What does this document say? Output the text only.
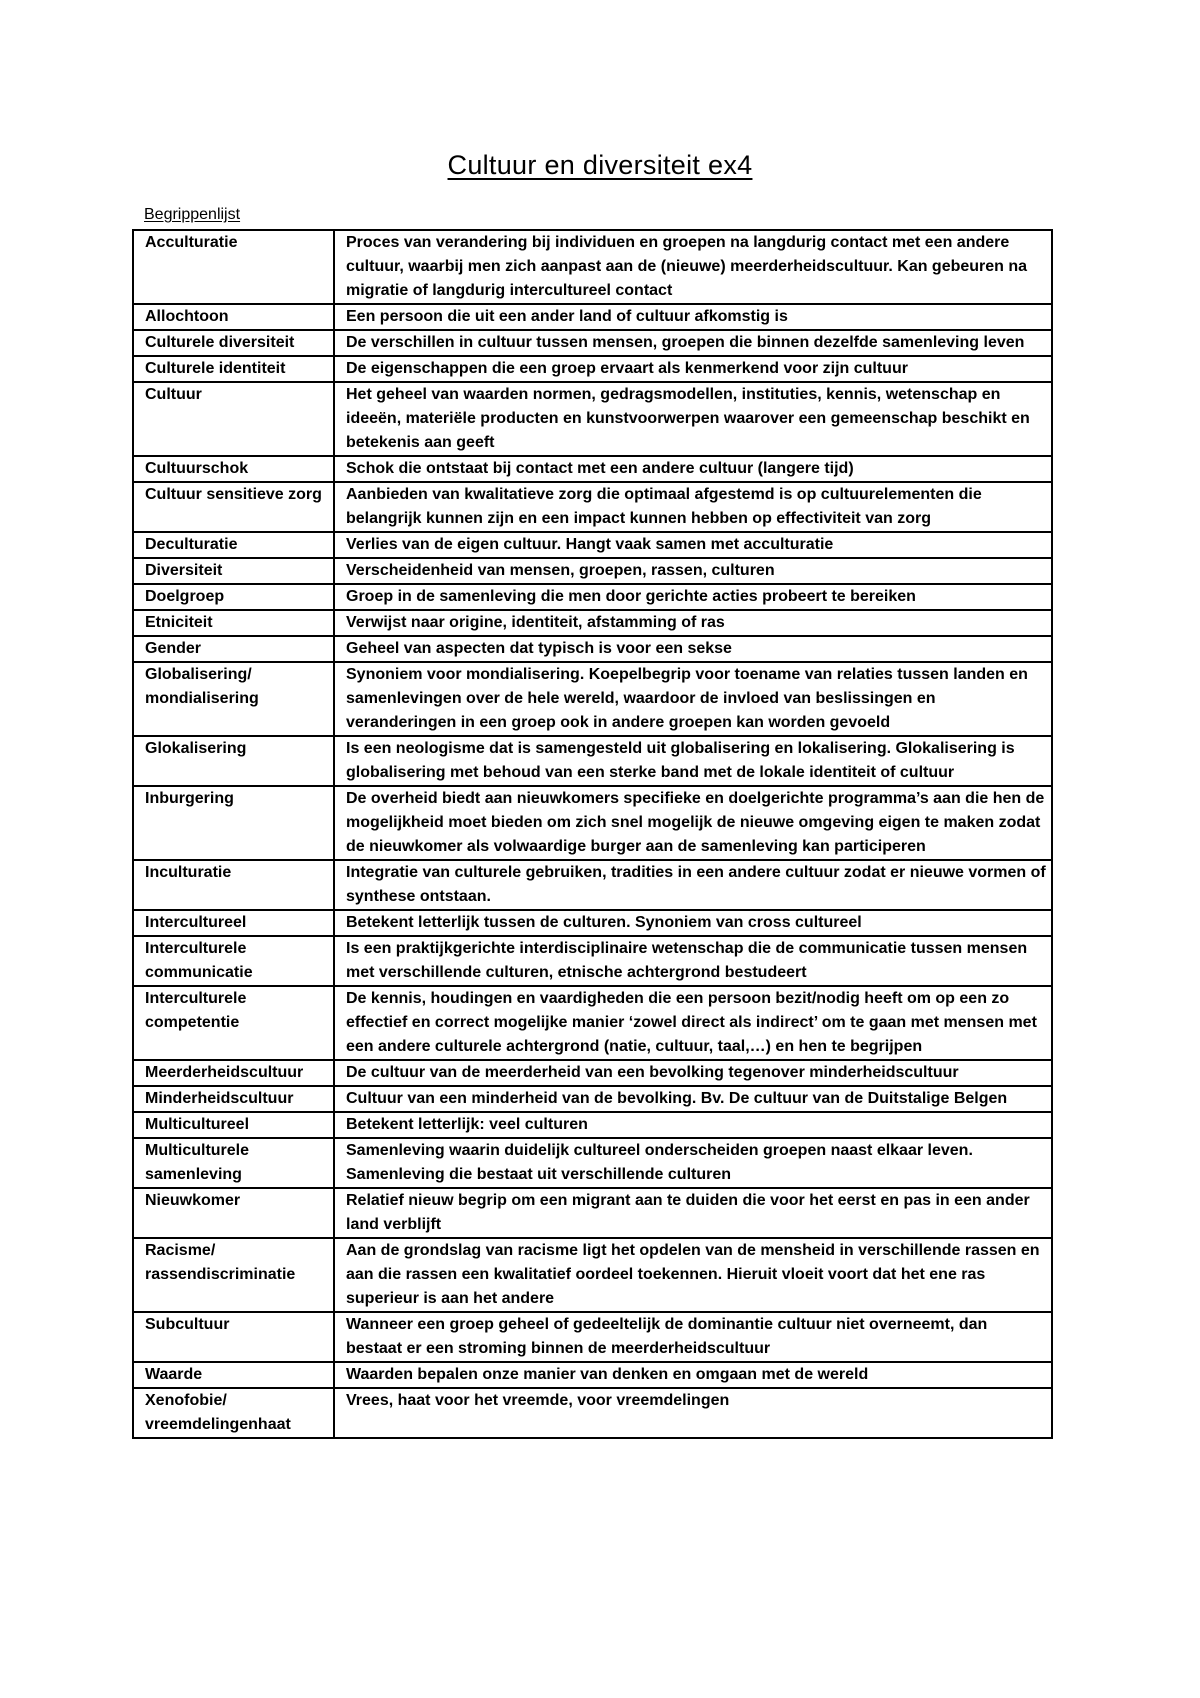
Cultuur en diversiteit ex4

Begrippenlijst

Acculturatie	Proces van verandering bij individuen en groepen na langdurig contact met een andere cultuur, waarbij men zich aanpast aan de (nieuwe) meerderheidscultuur. Kan gebeuren na migratie of langdurig intercultureel contact
Allochtoon	Een persoon die uit een ander land of cultuur afkomstig is
Culturele diversiteit	De verschillen in cultuur tussen mensen, groepen die binnen dezelfde samenleving leven
Culturele identiteit	De eigenschappen die een groep ervaart als kenmerkend voor zijn cultuur
Cultuur	Het geheel van waarden normen, gedragsmodellen, instituties, kennis, wetenschap en ideeën, materiële producten en kunstvoorwerpen waarover een gemeenschap beschikt en betekenis aan geeft
Cultuurschok	Schok die ontstaat bij contact met een andere cultuur (langere tijd)
Cultuur sensitieve zorg	Aanbieden van kwalitatieve zorg die optimaal afgestemd is op cultuurelementen die belangrijk kunnen zijn en een impact kunnen hebben op effectiviteit van zorg
Deculturatie	Verlies van de eigen cultuur. Hangt vaak samen met acculturatie
Diversiteit	Verscheidenheid van mensen, groepen, rassen, culturen
Doelgroep	Groep in de samenleving die men door gerichte acties probeert te bereiken
Etniciteit	Verwijst naar origine, identiteit, afstamming of ras
Gender	Geheel van aspecten dat typisch is voor een sekse
Globalisering/ mondialisering	Synoniem voor mondialisering. Koepelbegrip voor toename van relaties tussen landen en samenlevingen over de hele wereld, waardoor de invloed van beslissingen en veranderingen in een groep ook in andere groepen kan worden gevoeld
Glokalisering	Is een neologisme dat is samengesteld uit globalisering en lokalisering. Glokalisering is globalisering met behoud van een sterke band met de lokale identiteit of cultuur
Inburgering	De overheid biedt aan nieuwkomers specifieke en doelgerichte programma’s aan die hen de mogelijkheid moet bieden om zich snel mogelijk de nieuwe omgeving eigen te maken zodat de nieuwkomer als volwaardige burger aan de samenleving kan participeren
Inculturatie	Integratie van culturele gebruiken, tradities in een andere cultuur zodat er nieuwe vormen of synthese ontstaan.
Intercultureel	Betekent letterlijk tussen de culturen. Synoniem van cross cultureel
Interculturele communicatie	Is een praktijkgerichte interdisciplinaire wetenschap die de communicatie tussen mensen met verschillende culturen, etnische achtergrond bestudeert
Interculturele competentie	De kennis, houdingen en vaardigheden die een persoon bezit/nodig heeft om op een zo effectief en correct mogelijke manier ‘zowel direct als indirect’ om te gaan met mensen met een andere culturele achtergrond (natie, cultuur, taal,…) en hen te begrijpen
Meerderheidscultuur	De cultuur van de meerderheid van een bevolking tegenover minderheidscultuur
Minderheidscultuur	Cultuur van een minderheid van de bevolking. Bv. De cultuur van de Duitstalige Belgen
Multicultureel	Betekent letterlijk: veel culturen
Multiculturele samenleving	Samenleving waarin duidelijk cultureel onderscheiden groepen naast elkaar leven. Samenleving die bestaat uit verschillende culturen
Nieuwkomer	Relatief nieuw begrip om een migrant aan te duiden die voor het eerst en pas in een ander land verblijft
Racisme/ rassendiscriminatie	Aan de grondslag van racisme ligt het opdelen van de mensheid in verschillende rassen en aan die rassen een kwalitatief oordeel toekennen. Hieruit vloeit voort dat het ene ras superieur is aan het andere
Subcultuur	Wanneer een groep geheel of gedeeltelijk de dominantie cultuur niet overneemt, dan bestaat er een stroming binnen de meerderheidscultuur
Waarde	Waarden bepalen onze manier van denken en omgaan met de wereld
Xenofobie/ vreemdelingenhaat	Vrees, haat voor het vreemde, voor vreemdelingen
